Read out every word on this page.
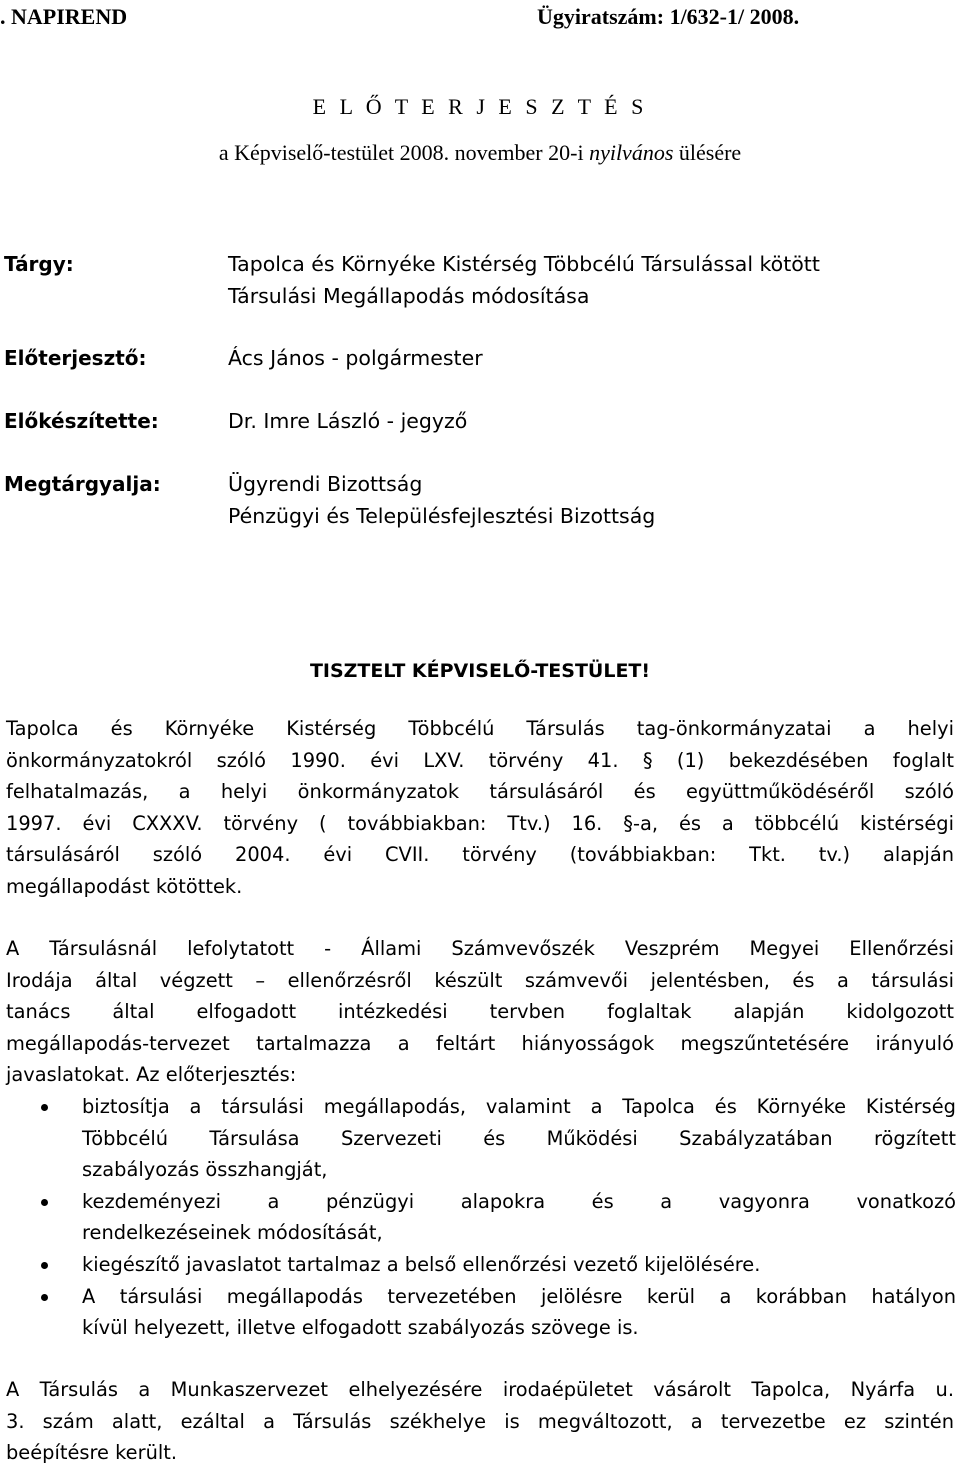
. NAPIREND	Ügyiratszám: 1/632-1/ 2008.
E L Ő T E R J E S Z T É S
a Képviselő-testület 2008. november 20-i nyilvános ülésére
Tárgy:	Tapolca és Környéke Kistérség Többcélú Társulással kötött
Társulási Megállapodás módosítása
Előterjesztő:	Ács János - polgármester
Előkészítette:	Dr. Imre László - jegyző
Megtárgyalja:	Ügyrendi Bizottság
Pénzügyi és Településfejlesztési Bizottság
TISZTELT KÉPVISELŐ-TESTÜLET!
Tapolca és Környéke Kistérség Többcélú Társulás tag-önkormányzatai a helyi
önkormányzatokról szóló 1990. évi LXV. törvény 41. § (1) bekezdésében foglalt
felhatalmazás, a helyi önkormányzatok társulásáról és együttműködéséről szóló
1997. évi CXXXV. törvény ( továbbiakban: Ttv.) 16. §-a, és a többcélú kistérségi
társulásáról szóló 2004. évi CVII. törvény (továbbiakban: Tkt. tv.) alapján
megállapodást kötöttek.
A Társulásnál lefolytatott - Állami Számvevőszék Veszprém Megyei Ellenőrzési
Irodája által végzett – ellenőrzésről készült számvevői jelentésben, és a társulási
tanács által elfogadott intézkedési tervben foglaltak alapján kidolgozott
megállapodás-tervezet tartalmazza a feltárt hiányosságok megszűntetésére irányuló
javaslatokat. Az előterjesztés:
biztosítja a társulási megállapodás, valamint a Tapolca és Környéke Kistérség
Többcélú Társulása Szervezeti és Működési Szabályzatában rögzített
szabályozás összhangját,
kezdeményezi a pénzügyi alapokra és a vagyonra vonatkozó
rendelkezéseinek módosítását,
kiegészítő javaslatot tartalmaz a belső ellenőrzési vezető kijelölésére.
A társulási megállapodás tervezetében jelölésre kerül a korábban hatályon
kívül helyezett, illetve elfogadott szabályozás szövege is.
A Társulás a Munkaszervezet elhelyezésére irodaépületet vásárolt Tapolca, Nyárfa u.
3. szám alatt, ezáltal a Társulás székhelye is megváltozott, a tervezetbe ez szintén
beépítésre került.
